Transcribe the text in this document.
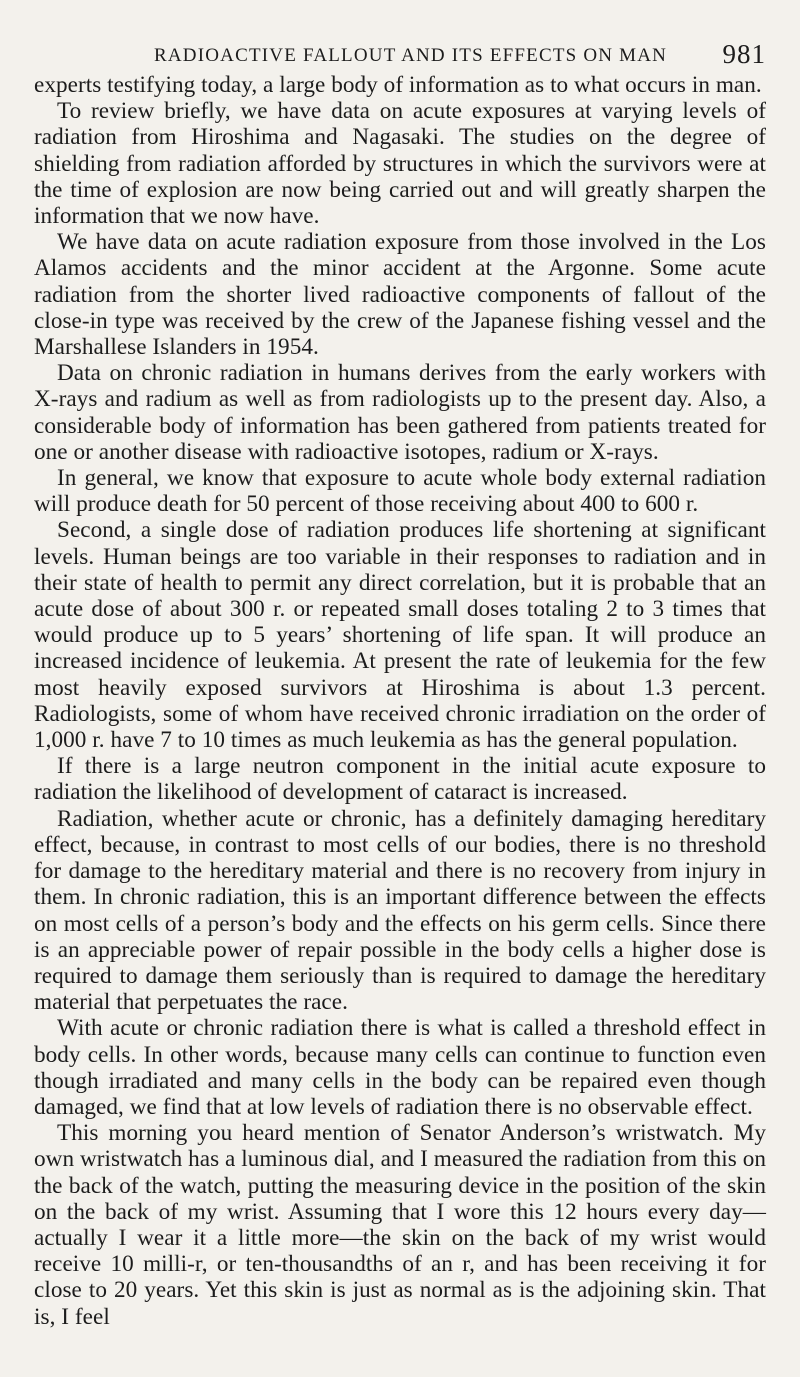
RADIOACTIVE FALLOUT AND ITS EFFECTS ON MAN 981

experts testifying today, a large body of information as to what occurs in man.

To review briefly, we have data on acute exposures at varying levels of radiation from Hiroshima and Nagasaki. The studies on the degree of shielding from radiation afforded by structures in which the survivors were at the time of explosion are now being carried out and will greatly sharpen the information that we now have.

We have data on acute radiation exposure from those involved in the Los Alamos accidents and the minor accident at the Argonne. Some acute radiation from the shorter lived radioactive components of fallout of the close-in type was received by the crew of the Japanese fishing vessel and the Marshallese Islanders in 1954.

Data on chronic radiation in humans derives from the early workers with X-rays and radium as well as from radiologists up to the present day. Also, a considerable body of information has been gathered from patients treated for one or another disease with radioactive isotopes, radium or X-rays.

In general, we know that exposure to acute whole body external radiation will produce death for 50 percent of those receiving about 400 to 600 r.

Second, a single dose of radiation produces life shortening at significant levels. Human beings are too variable in their responses to radiation and in their state of health to permit any direct correlation, but it is probable that an acute dose of about 300 r. or repeated small doses totaling 2 to 3 times that would produce up to 5 years’ shortening of life span. It will produce an increased incidence of leukemia. At present the rate of leukemia for the few most heavily exposed survivors at Hiroshima is about 1.3 percent. Radiologists, some of whom have received chronic irradiation on the order of 1,000 r. have 7 to 10 times as much leukemia as has the general population.

If there is a large neutron component in the initial acute exposure to radiation the likelihood of development of cataract is increased.

Radiation, whether acute or chronic, has a definitely damaging hereditary effect, because, in contrast to most cells of our bodies, there is no threshold for damage to the hereditary material and there is no recovery from injury in them. In chronic radiation, this is an important difference between the effects on most cells of a person’s body and the effects on his germ cells. Since there is an appreciable power of repair possible in the body cells a higher dose is required to damage them seriously than is required to damage the hereditary material that perpetuates the race.

With acute or chronic radiation there is what is called a threshold effect in body cells. In other words, because many cells can continue to function even though irradiated and many cells in the body can be repaired even though damaged, we find that at low levels of radiation there is no observable effect.

This morning you heard mention of Senator Anderson’s wristwatch. My own wristwatch has a luminous dial, and I measured the radiation from this on the back of the watch, putting the measuring device in the position of the skin on the back of my wrist. Assuming that I wore this 12 hours every day—actually I wear it a little more—the skin on the back of my wrist would receive 10 milli-r, or ten-thousandths of an r, and has been receiving it for close to 20 years. Yet this skin is just as normal as is the adjoining skin. That is, I feel
